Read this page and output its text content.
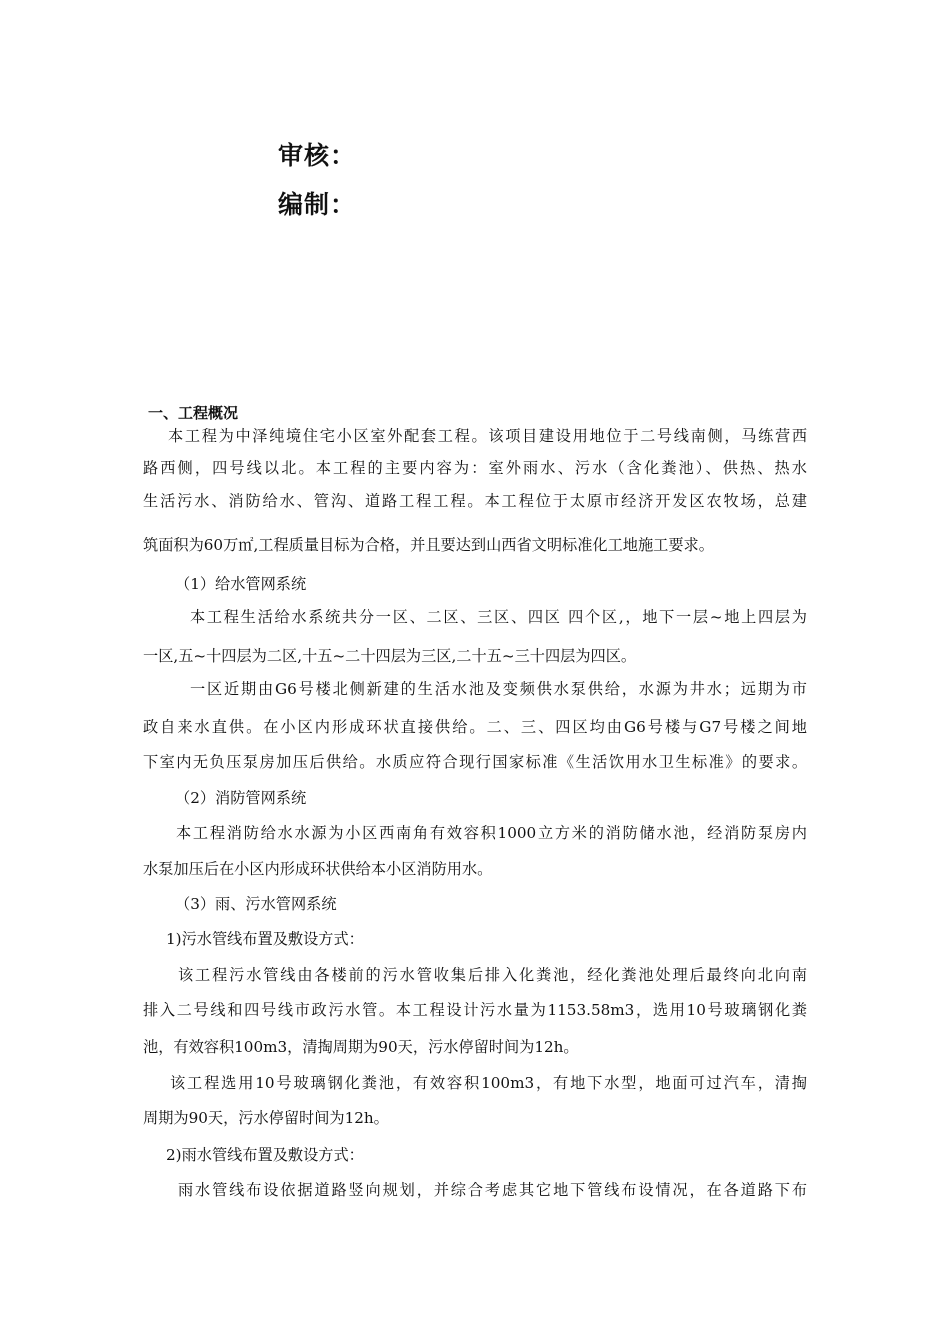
审核：
编制：
一、工程概况
本工程为中泽纯境住宅小区室外配套工程。该项目建设用地位于二号线南侧，马练营西
路西侧，四号线以北。本工程的主要内容为：室外雨水、污水（含化粪池）、供热、热水
生活污水、消防给水、管沟、道路工程工程。本工程位于太原市经济开发区农牧场，总建
筑面积为60万㎡,工程质量目标为合格，并且要达到山西省文明标准化工地施工要求。
（1）给水管网系统
本工程生活给水系统共分一区、二区、三区、四区 四个区,，地下一层~地上四层为
一区,五~十四层为二区,十五~二十四层为三区,二十五~三十四层为四区。
一区近期由G6号楼北侧新建的生活水池及变频供水泵供给，水源为井水；远期为市
政自来水直供。在小区内形成环状直接供给。二、三、四区均由G6号楼与G7号楼之间地
下室内无负压泵房加压后供给。水质应符合现行国家标准《生活饮用水卫生标准》的要求。
（2）消防管网系统
本工程消防给水水源为小区西南角有效容积1000立方米的消防储水池，经消防泵房内
水泵加压后在小区内形成环状供给本小区消防用水。
（3）雨、污水管网系统
1)污水管线布置及敷设方式：
该工程污水管线由各楼前的污水管收集后排入化粪池，经化粪池处理后最终向北向南
排入二号线和四号线市政污水管。本工程设计污水量为1153.58m3，选用10号玻璃钢化粪
池，有效容积100m3，清掏周期为90天，污水停留时间为12h。
该工程选用10号玻璃钢化粪池，有效容积100m3，有地下水型，地面可过汽车，清掏
周期为90天，污水停留时间为12h。
2)雨水管线布置及敷设方式：
雨水管线布设依据道路竖向规划，并综合考虑其它地下管线布设情况，在各道路下布
